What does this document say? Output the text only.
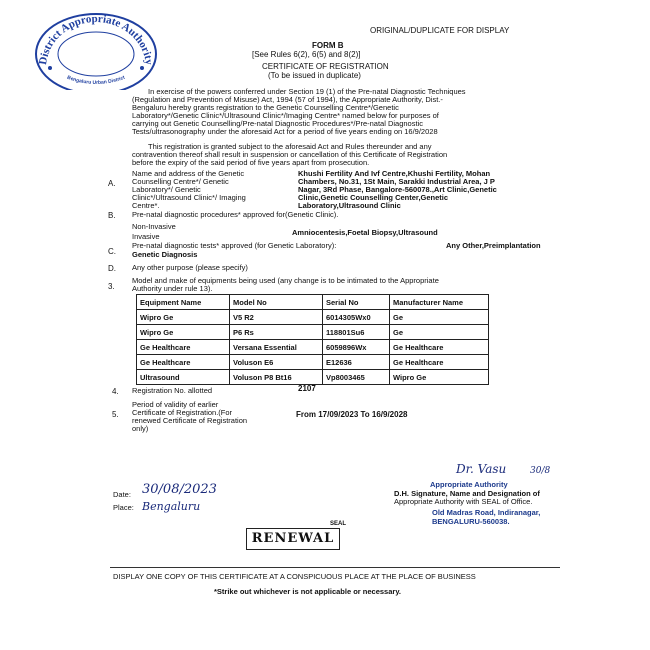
District Appropriate Authority
Bengaluru Urban District
ORIGINAL/DUPLICATE FOR DISPLAY
FORM B
[See Rules 6(2), 6(5) and 8(2)]
CERTIFICATE OF REGISTRATION
(To be issued in duplicate)
In exercise of the powers conferred under Section 19 (1) of the Pre-natal Diagnostic Techniques
(Regulation and Prevention of Misuse) Act, 1994 (57 of 1994), the Appropriate Authority, Dist.-
Bengaluru hereby grants registration to the Genetic Counselling Centre*/Genetic
Laboratory*/Genetic Clinic*/Ultrasound Clinic*/Imaging Centre* named below for purposes of
carrying out Genetic Counselling/Pre-natal Diagnostic Procedures*/Pre-natal Diagnostic
Tests/ultrasonography under the aforesaid Act for a period of five years ending on 16/9/2028
This registration is granted subject to the aforesaid Act and Rules thereunder and any
contravention thereof shall result in suspension or cancellation of this Certificate of Registration
before the expiry of the said period of five years apart from prosecution.
A.
Name and address of the Genetic
Counselling Centre*/ Genetic
Laboratory*/ Genetic
Clinic*/Ultrasound Clinic*/ Imaging
Centre*.
Khushi Fertility And Ivf Centre,Khushi Fertility, Mohan
Chambers, No.31, 1St Main, Sarakki Industrial Area, J P
Nagar, 3Rd Phase, Bangalore-560078.,Art Clinic,Genetic
Clinic,Genetic Counselling Center,Genetic
Laboratory,Ultrasound Clinic
B. Pre-natal diagnostic procedures* approved for(Genetic Clinic).
Non-Invasive
Invasive	Amniocentesis,Foetal Biopsy,Ultrasound
C.
Pre-natal diagnostic tests* approved (for Genetic Laboratory):	Any Other,Preimplantation
Genetic Diagnosis
D. Any other purpose (please specify)
3.
Model and make of equipments being used (any change is to be intimated to the Appropriate
Authority under rule 13).
Equipment Name	Model No	Serial No	Manufacturer Name
Wipro Ge	V5 R2	6014305Wx0	Ge
Wipro Ge	P6 Rs	118801Su6	Ge
Ge Healthcare	Versana Essential	6059896Wx	Ge Healthcare
Ge Healthcare	Voluson E6	E12636	Ge Healthcare
Ultrasound	Voluson P8 Bt16	Vp8003465	Wipro Ge
4. Registration No. allotted	2107
5.
Period of validity of earlier
Certificate of Registration.(For
renewed Certificate of Registration
only)
From 17/09/2023 To 16/9/2028
Date: 30/08/2023
Place: Bengaluru
Dr. Vasu	30/8
Appropriate Authority
D.H. Signature, Name and Designation of
Appropriate Authority with SEAL of Office.
Old Madras Road, Indiranagar,
BENGALURU-560038.
SEAL
RENEWAL
DISPLAY ONE COPY OF THIS CERTIFICATE AT A CONSPICUOUS PLACE AT THE PLACE OF BUSINESS
*Strike out whichever is not applicable or necessary.
